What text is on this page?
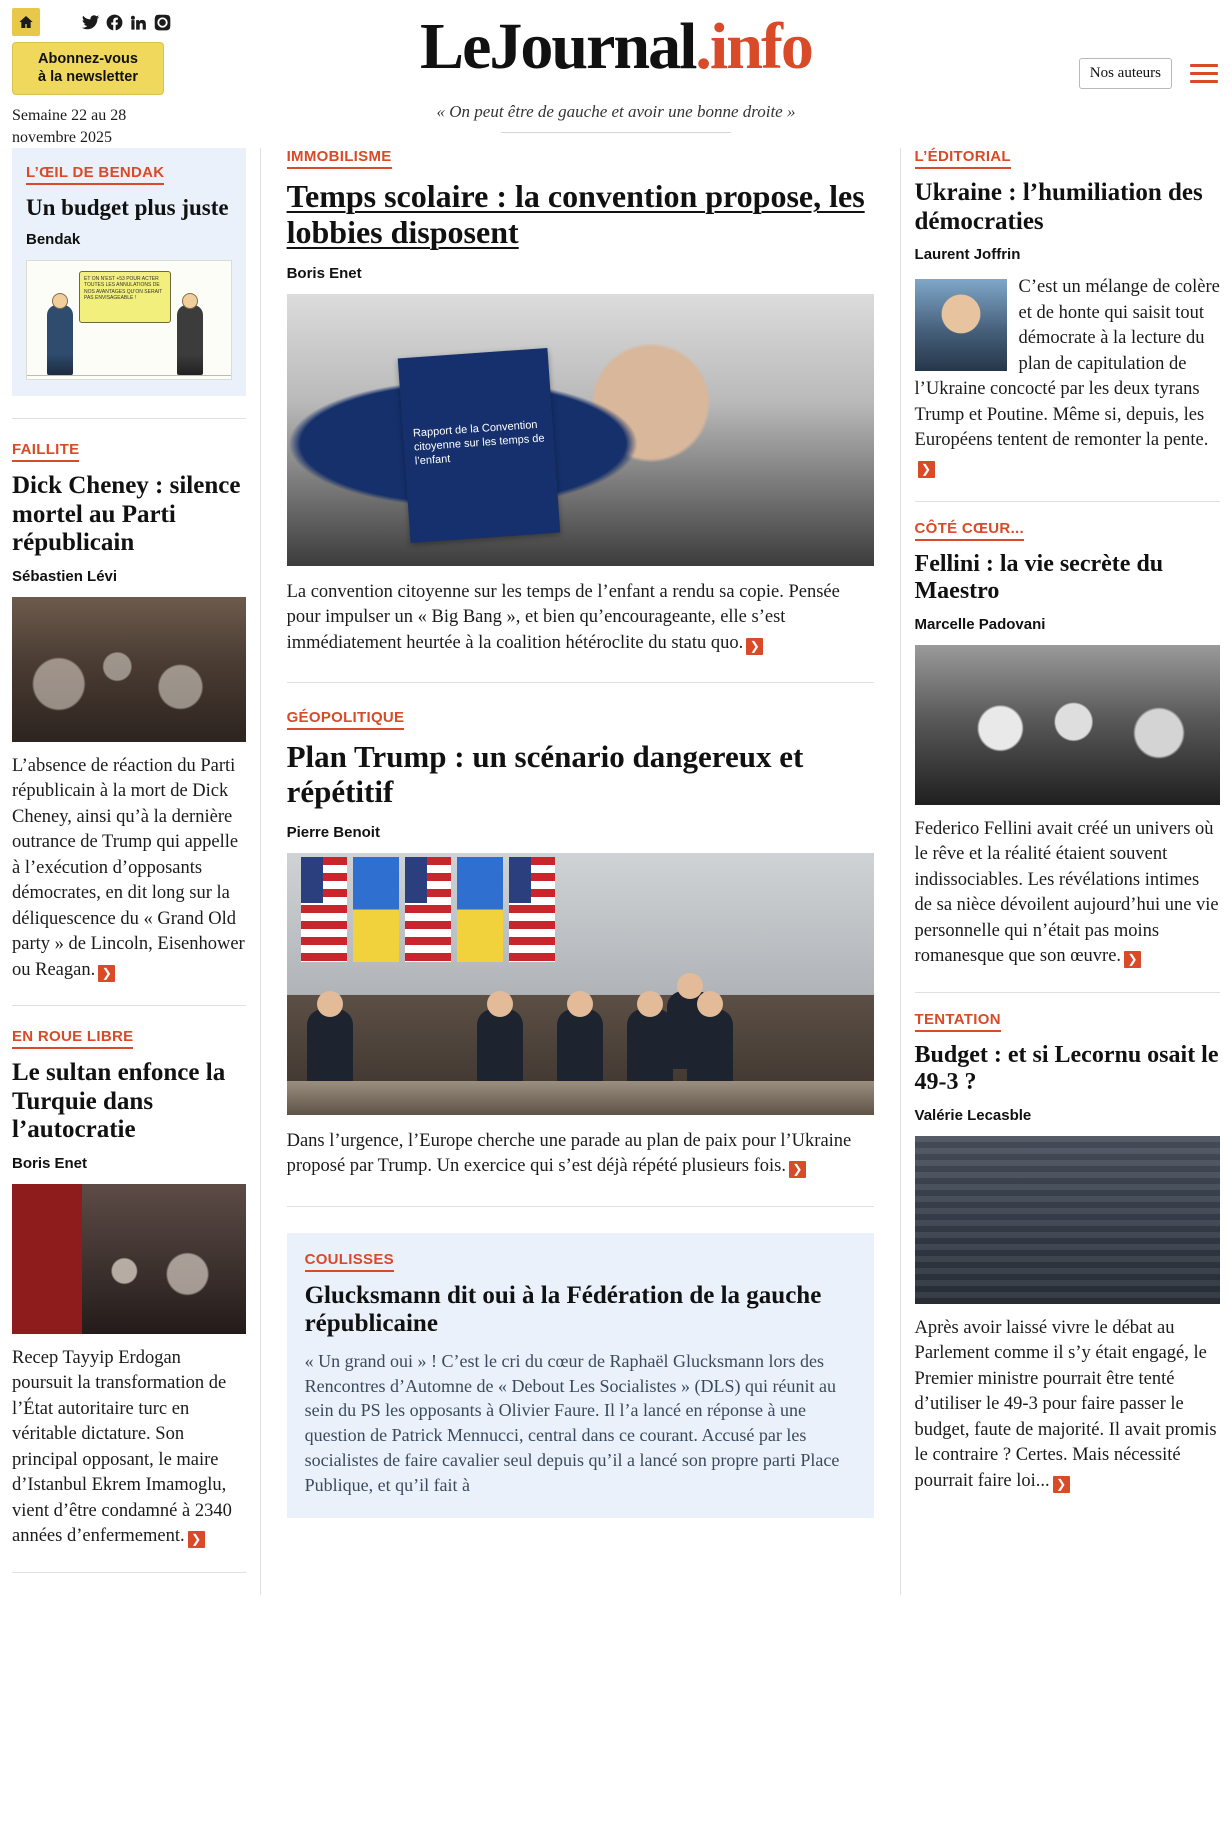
Abonnez-vous
à la newsletter
Semaine 22 au 28 novembre 2025
LeJournal.info
« On peut être de gauche et avoir une bonne droite »
Nos auteurs
L’ŒIL DE BENDAK
Un budget plus juste
Bendak
ET ON N’EST +53 POUR ACTER TOUTES LES ANNULATIONS DE NOS AVANTAGES QU’ON SERAIT PAS ENVISAGEABLE !
FAILLITE
Dick Cheney : silence mortel au Parti républicain
Sébastien Lévi
L’absence de réaction du Parti républicain à la mort de Dick Cheney, ainsi qu’à la dernière outrance de Trump qui appelle à l’exécution d’opposants démocrates, en dit long sur la déliquescence du « Grand Old party » de Lincoln, Eisenhower ou Reagan. ❯
EN ROUE LIBRE
Le sultan enfonce la Turquie dans l’autocratie
Boris Enet
Recep Tayyip Erdogan poursuit la transformation de l’État autoritaire turc en véritable dictature. Son principal opposant, le maire d’Istanbul Ekrem Imamoglu, vient d’être condamné à 2340 années d’enfermement. ❯
IMMOBILISME
Temps scolaire : la convention propose, les lobbies disposent
Boris Enet
Rapport de la Convention citoyenne sur les temps de l’enfant
La convention citoyenne sur les temps de l’enfant a rendu sa copie. Pensée pour impulser un « Big Bang », et bien qu’encourageante, elle s’est immédiatement heurtée à la coalition hétéroclite du statu quo. ❯
GÉOPOLITIQUE
Plan Trump : un scénario dangereux et répétitif
Pierre Benoit
Dans l’urgence, l’Europe cherche une parade au plan de paix pour l’Ukraine proposé par Trump. Un exercice qui s’est déjà répété plusieurs fois. ❯
COULISSES
Glucksmann dit oui à la Fédération de la gauche républicaine
« Un grand oui » ! C’est le cri du cœur de Raphaël Glucksmann lors des Rencontres d’Automne de « Debout Les Socialistes » (DLS) qui réunit au sein du PS les opposants à Olivier Faure. Il l’a lancé en réponse à une question de Patrick Mennucci, central dans ce courant. Accusé par les socialistes de faire cavalier seul depuis qu’il a lancé son propre parti Place Publique, et qu’il fait à
L’ÉDITORIAL
Ukraine : l’humiliation des démocraties
Laurent Joffrin
C’est un mélange de colère et de honte qui saisit tout démocrate à la lecture du plan de capitulation de l’Ukraine concocté par les deux tyrans Trump et Poutine. Même si, depuis, les Européens tentent de remonter la pente.❯
CÔTÉ CŒUR...
Fellini : la vie secrète du Maestro
Marcelle Padovani
Federico Fellini avait créé un univers où le rêve et la réalité étaient souvent indissociables. Les révélations intimes de sa nièce dévoilent aujourd’hui une vie personnelle qui n’était pas moins romanesque que son œuvre. ❯
TENTATION
Budget : et si Lecornu osait le 49-3 ?
Valérie Lecasble
Après avoir laissé vivre le débat au Parlement comme il s’y était engagé, le Premier ministre pourrait être tenté d’utiliser le 49-3 pour faire passer le budget, faute de majorité. Il avait promis le contraire ? Certes. Mais nécessité pourrait faire loi... ❯
